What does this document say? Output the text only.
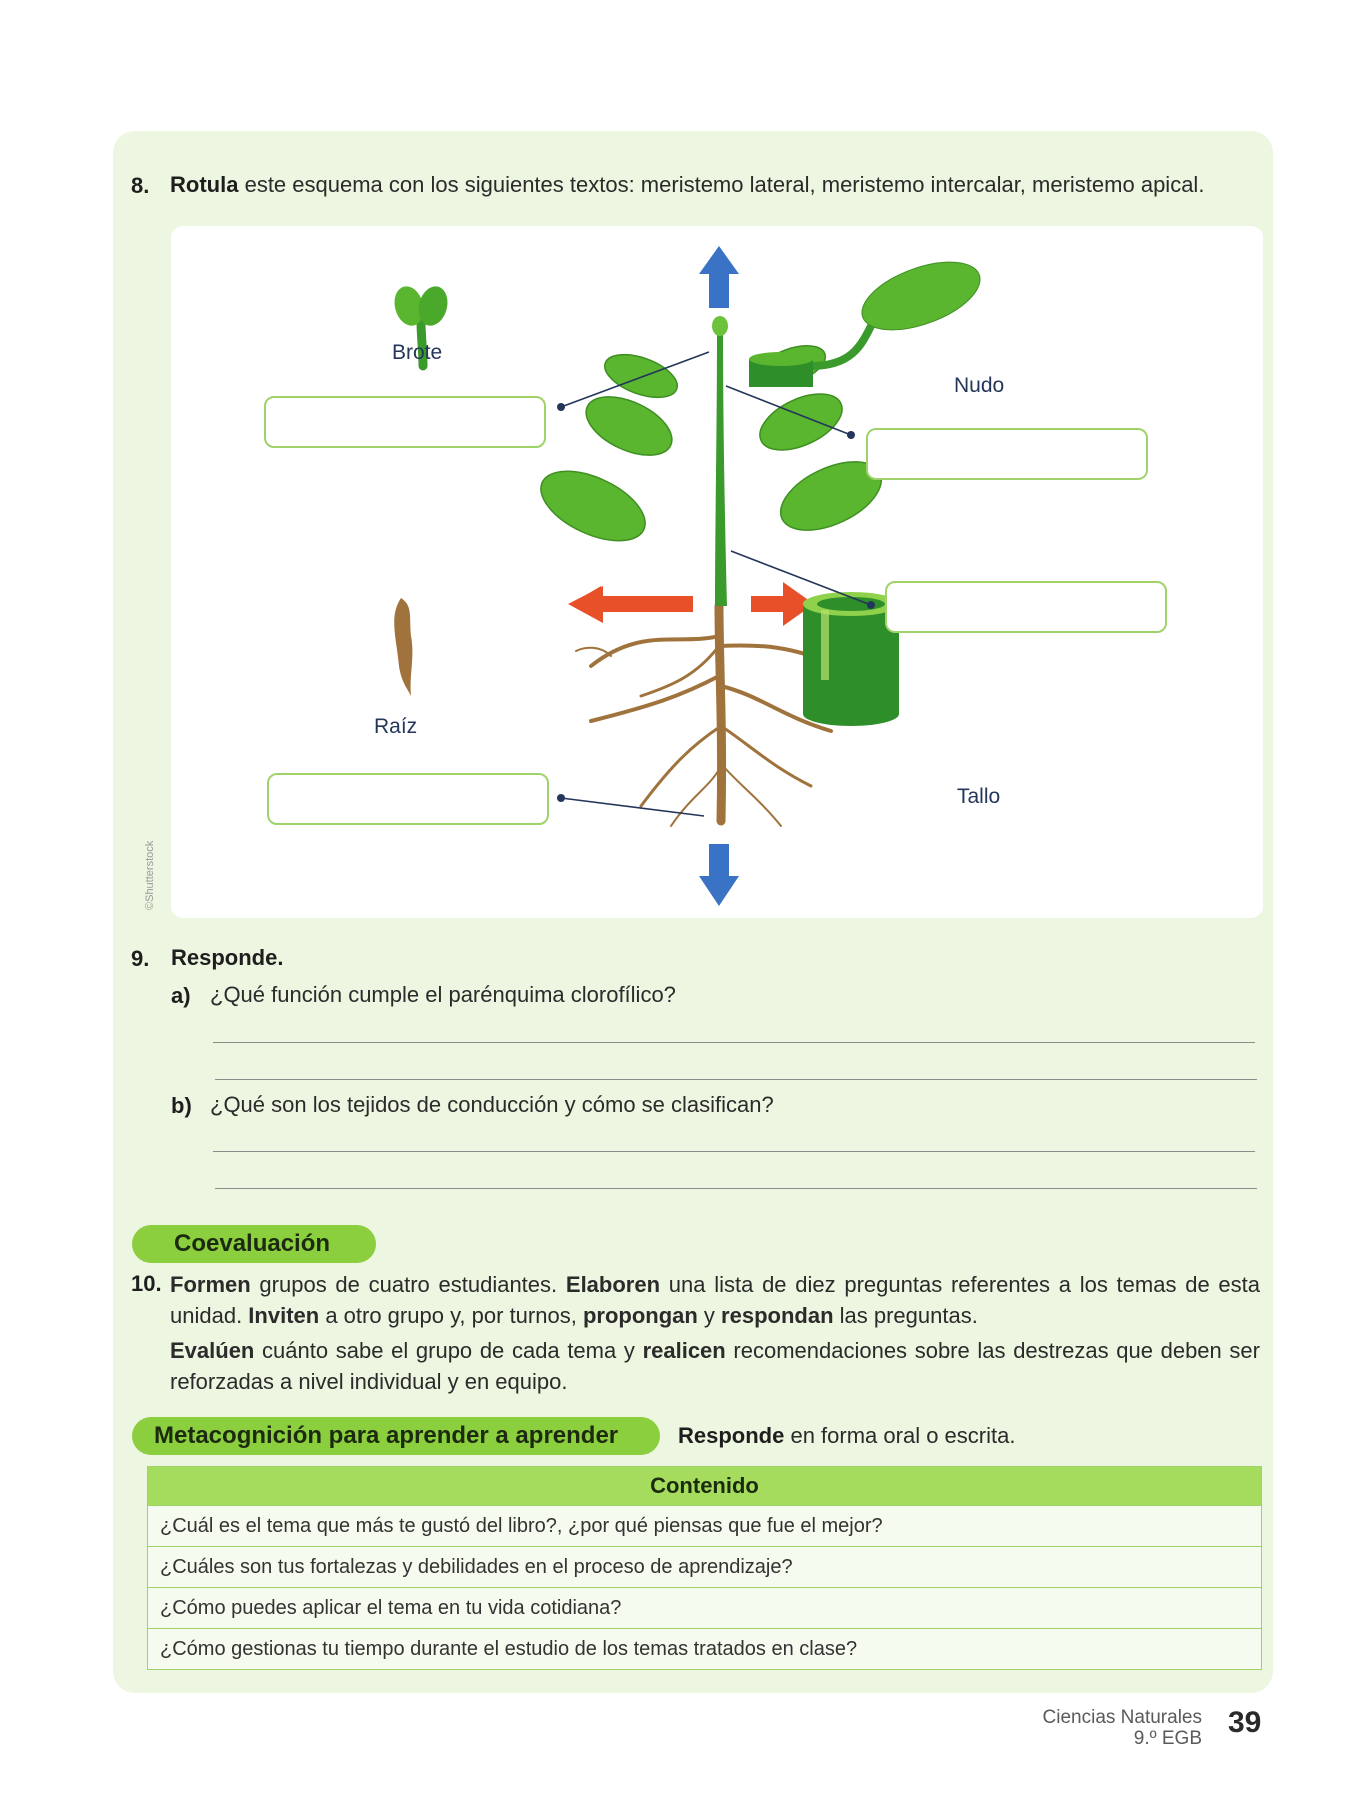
8. Rotula este esquema con los siguientes textos: meristemo lateral, meristemo intercalar, meristemo apical.
Brote
Nudo
Raíz
Tallo
©Shutterstock
9. Responde.
a) ¿Qué función cumple el parénquima clorofílico?
b) ¿Qué son los tejidos de conducción y cómo se clasifican?
Coevaluación
10. Formen grupos de cuatro estudiantes. Elaboren una lista de diez preguntas referentes a los temas de esta unidad. Inviten a otro grupo y, por turnos, propongan y respondan las preguntas.
Evalúen cuánto sabe el grupo de cada tema y realicen recomendaciones sobre las destrezas que deben ser reforzadas a nivel individual y en equipo.
Metacognición para aprender a aprender	Responde en forma oral o escrita.
Contenido
¿Cuál es el tema que más te gustó del libro?, ¿por qué piensas que fue el mejor?
¿Cuáles son tus fortalezas y debilidades en el proceso de aprendizaje?
¿Cómo puedes aplicar el tema en tu vida cotidiana?
¿Cómo gestionas tu tiempo durante el estudio de los temas tratados en clase?
Ciencias Naturales
9.º EGB 39
